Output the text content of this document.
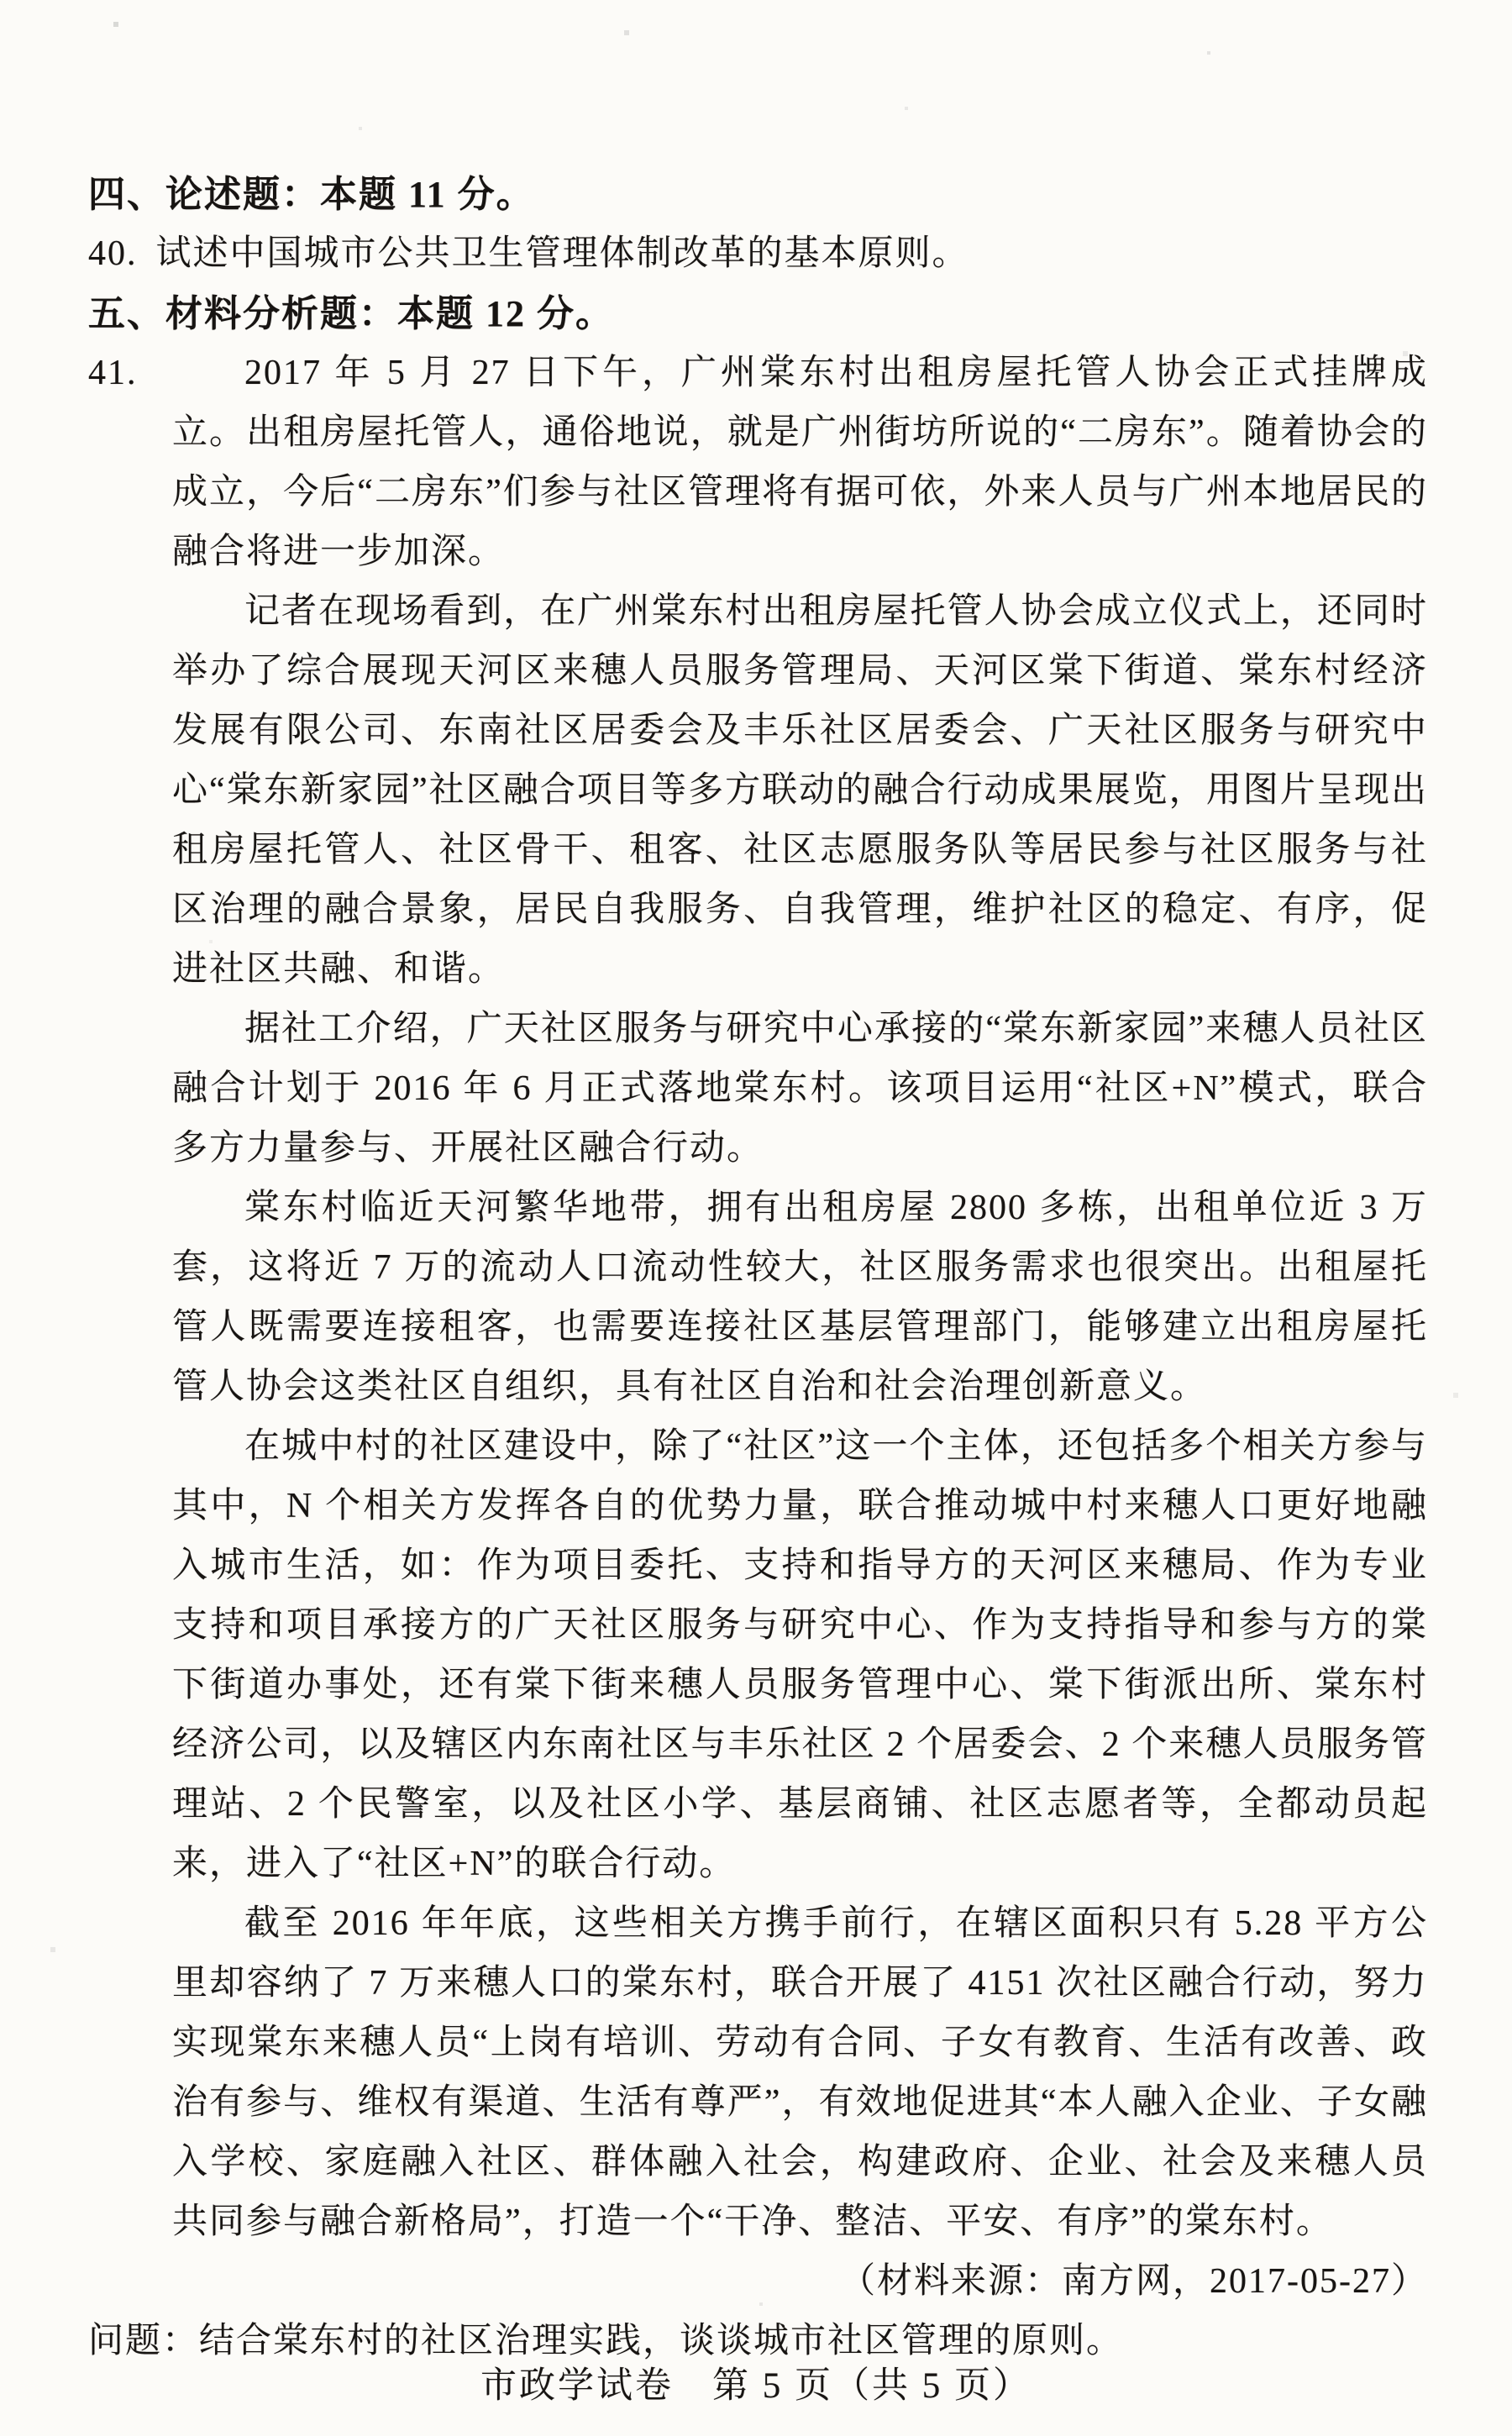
四、论述题：本题 11 分。
40. 试述中国城市公共卫生管理体制改革的基本原则。
五、材料分析题：本题 12 分。
41.	2017 年 5 月 27 日下午，广州棠东村出租房屋托管人协会正式挂牌成立。出租房屋托管人，通俗地说，就是广州街坊所说的“二房东”。随着协会的成立，今后“二房东”们参与社区管理将有据可依，外来人员与广州本地居民的融合将进一步加深。

记者在现场看到，在广州棠东村出租房屋托管人协会成立仪式上，还同时举办了综合展现天河区来穗人员服务管理局、天河区棠下街道、棠东村经济发展有限公司、东南社区居委会及丰乐社区居委会、广天社区服务与研究中心“棠东新家园”社区融合项目等多方联动的融合行动成果展览，用图片呈现出租房屋托管人、社区骨干、租客、社区志愿服务队等居民参与社区服务与社区治理的融合景象，居民自我服务、自我管理，维护社区的稳定、有序，促进社区共融、和谐。

据社工介绍，广天社区服务与研究中心承接的“棠东新家园”来穗人员社区融合计划于 2016 年 6 月正式落地棠东村。该项目运用“社区+N”模式，联合多方力量参与、开展社区融合行动。

棠东村临近天河繁华地带，拥有出租房屋 2800 多栋，出租单位近 3 万套，这将近 7 万的流动人口流动性较大，社区服务需求也很突出。出租屋托管人既需要连接租客，也需要连接社区基层管理部门，能够建立出租房屋托管人协会这类社区自组织，具有社区自治和社会治理创新意义。

在城中村的社区建设中，除了“社区”这一个主体，还包括多个相关方参与其中，N 个相关方发挥各自的优势力量，联合推动城中村来穗人口更好地融入城市生活，如：作为项目委托、支持和指导方的天河区来穗局、作为专业支持和项目承接方的广天社区服务与研究中心、作为支持指导和参与方的棠下街道办事处，还有棠下街来穗人员服务管理中心、棠下街派出所、棠东村经济公司，以及辖区内东南社区与丰乐社区 2 个居委会、2 个来穗人员服务管理站、2 个民警室，以及社区小学、基层商铺、社区志愿者等，全都动员起来，进入了“社区+N”的联合行动。

截至 2016 年年底，这些相关方携手前行，在辖区面积只有 5.28 平方公里却容纳了 7 万来穗人口的棠东村，联合开展了 4151 次社区融合行动，努力实现棠东来穗人员“上岗有培训、劳动有合同、子女有教育、生活有改善、政治有参与、维权有渠道、生活有尊严”，有效地促进其“本人融入企业、子女融入学校、家庭融入社区、群体融入社会，构建政府、企业、社会及来穗人员共同参与融合新格局”，打造一个“干净、整洁、平安、有序”的棠东村。

（材料来源：南方网，2017-05-27）

问题：结合棠东村的社区治理实践，谈谈城市社区管理的原则。
市政学试卷　第 5 页（共 5 页）
